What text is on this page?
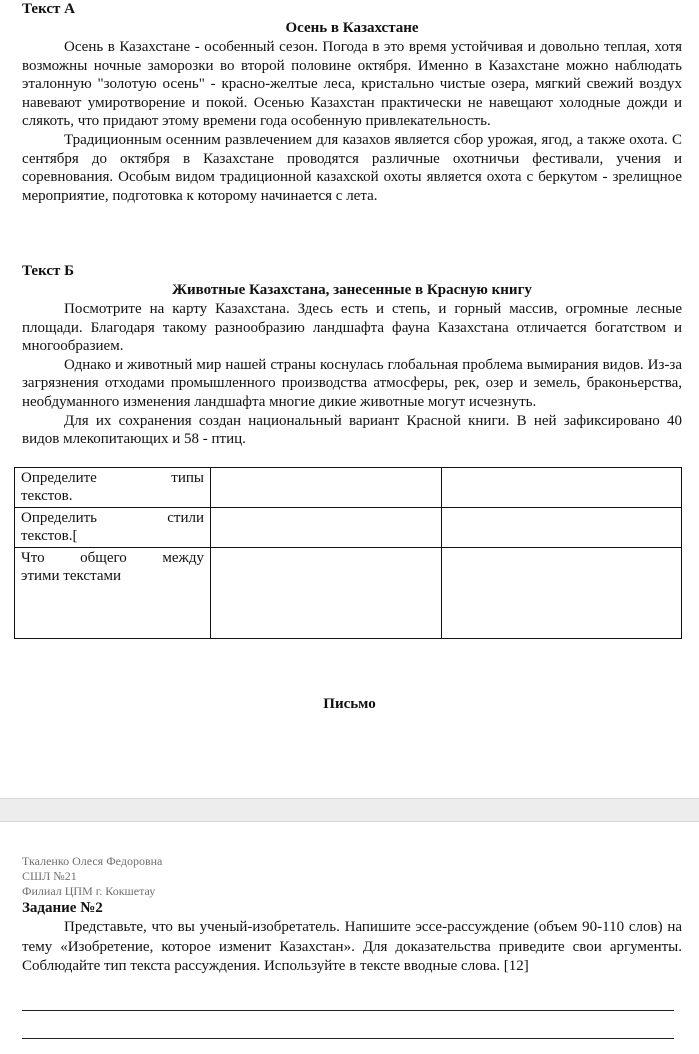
Текст А

Осень в Казахстане

Осень в Казахстане - особенный сезон. Погода в это время устойчивая и довольно теплая, хотя возможны ночные заморозки во второй половине октября. Именно в Казахстане можно наблюдать эталонную "золотую осень" - красно-желтые леса, кристально чистые озера, мягкий свежий воздух навевают умиротворение и покой. Осенью Казахстан практически не навещают холодные дожди и слякоть, что придают этому времени года особенную привлекательность.

Традиционным осенним развлечением для казахов является сбор урожая, ягод, а также охота. С сентября до октября в Казахстане проводятся различные охотничьи фестивали, учения и соревнования. Особым видом традиционной казахской охоты является охота с беркутом - зрелищное мероприятие, подготовка к которому начинается с лета.

Текст Б

Животные Казахстана, занесенные в Красную книгу

Посмотрите на карту Казахстана. Здесь есть и степь, и горный массив, огромные лесные площади. Благодаря такому разнообразию ландшафта фауна Казахстана отличается богатством и многообразием.

Однако и животный мир нашей страны коснулась глобальная проблема вымирания видов. Из-за загрязнения отходами промышленного производства атмосферы, рек, озер и земель, браконьерства, необдуманного изменения ландшафта многие дикие животные могут исчезнуть.

Для их сохранения создан национальный вариант Красной книги. В ней зафиксировано 40 видов млекопитающих и 58 - птиц.

Определите типы
текстов.		

Определить стили
текстов.[		

Что общего между
этими текстами		
Письмо
Ткаленко Олеся Федоровна
СШЛ №21
Филиал ЦПМ г. Кокшетау
Задание №2

Представьте, что вы ученый-изобретатель. Напишите эссе-рассуждение (объем 90-110 слов) на тему «Изобретение, которое изменит Казахстан». Для доказательства приведите свои аргументы. Соблюдайте тип текста рассуждения. Используйте в тексте вводные слова. [12]
